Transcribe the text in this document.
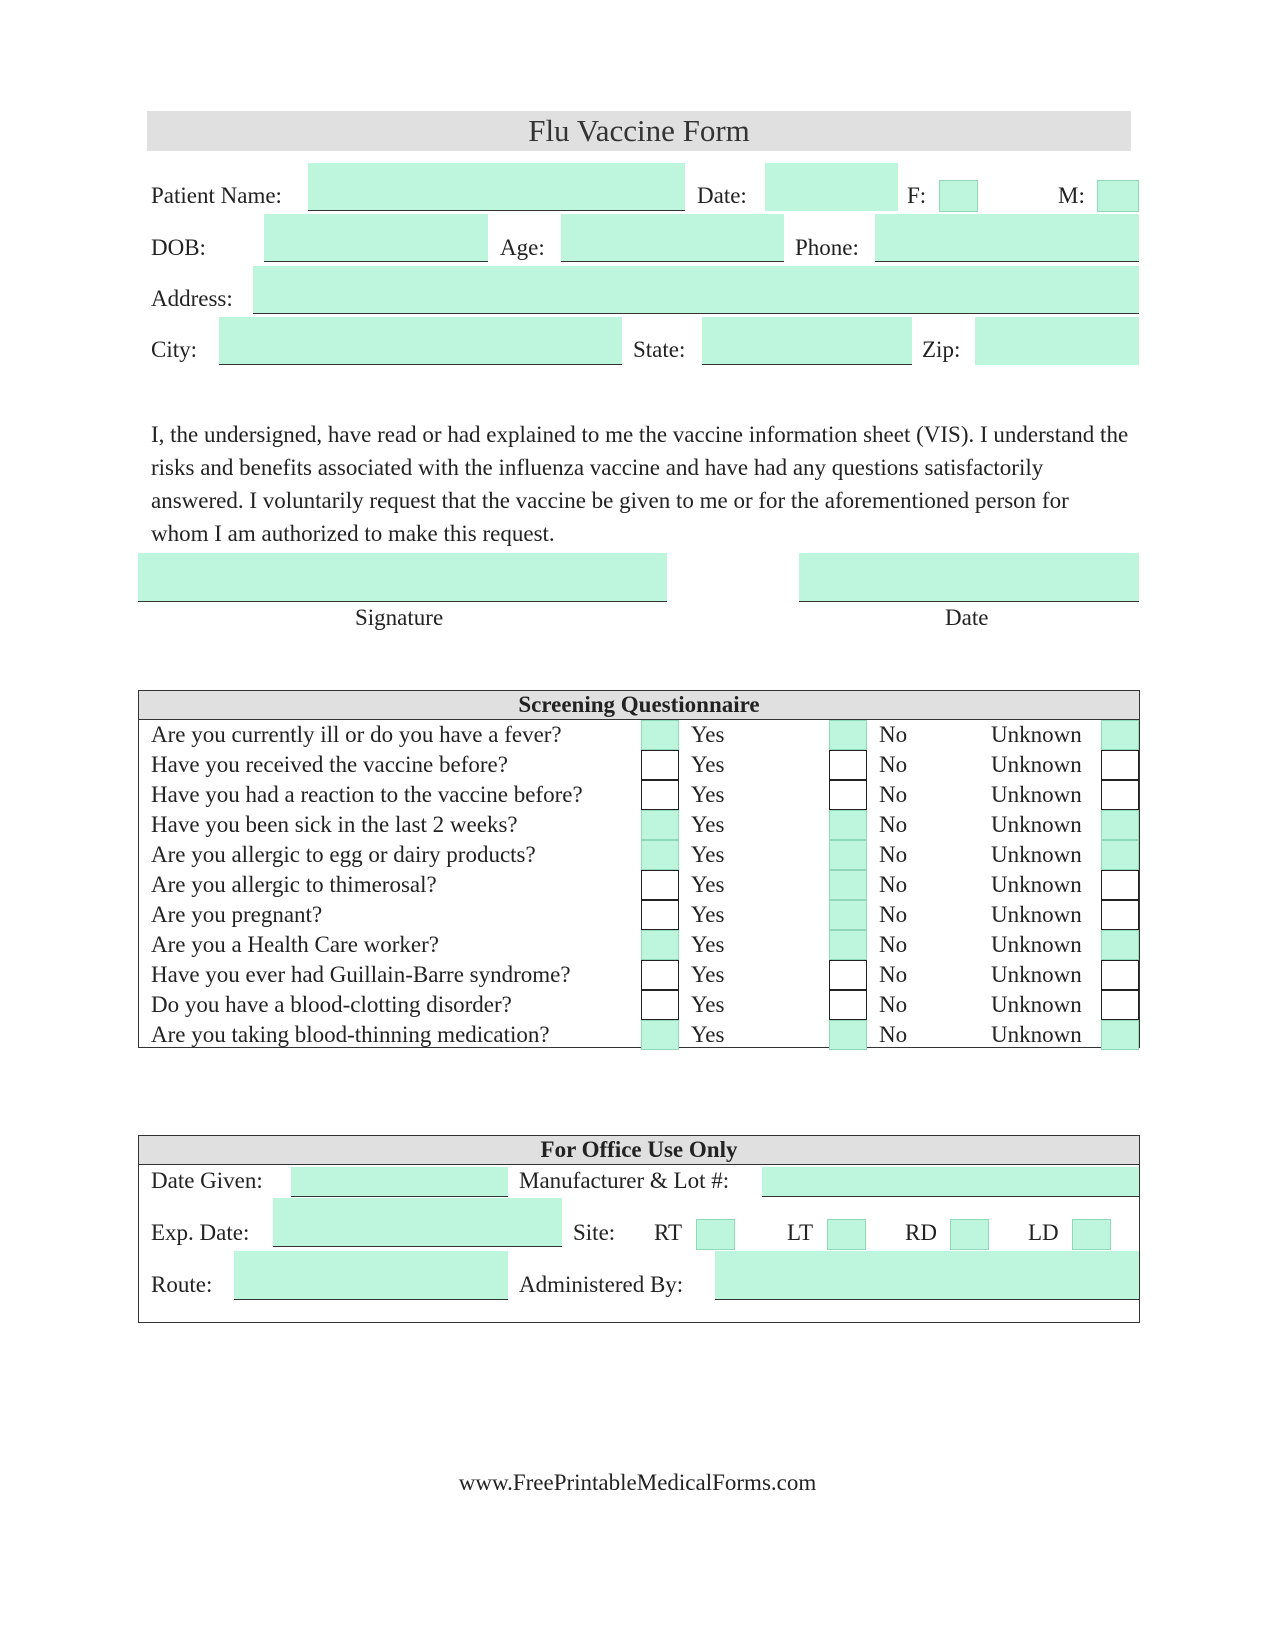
Flu Vaccine Form
Patient Name:	Date:	F:	M:
DOB:	Age:	Phone:
Address:
City:	State:	Zip:
I, the undersigned, have read or had explained to me the vaccine information sheet (VIS). I understand the risks and benefits associated with the influenza vaccine and have had any questions satisfactorily answered. I voluntarily request that the vaccine be given to me or for the aforementioned person for whom I am authorized to make this request.
Signature	Date
Screening Questionnaire
Are you currently ill or do you have a fever?	Yes	No	Unknown
Have you received the vaccine before?	Yes	No	Unknown
Have you had a reaction to the vaccine before?	Yes	No	Unknown
Have you been sick in the last 2 weeks?	Yes	No	Unknown
Are you allergic to egg or dairy products?	Yes	No	Unknown
Are you allergic to thimerosal?	Yes	No	Unknown
Are you pregnant?	Yes	No	Unknown
Are you a Health Care worker?	Yes	No	Unknown
Have you ever had Guillain-Barre syndrome?	Yes	No	Unknown
Do you have a blood-clotting disorder?	Yes	No	Unknown
Are you taking blood-thinning medication?	Yes	No	Unknown
For Office Use Only
Date Given:	Manufacturer & Lot #:
Exp. Date:	Site: RT	LT	RD	LD
Route:	Administered By:
www.FreePrintableMedicalForms.com
